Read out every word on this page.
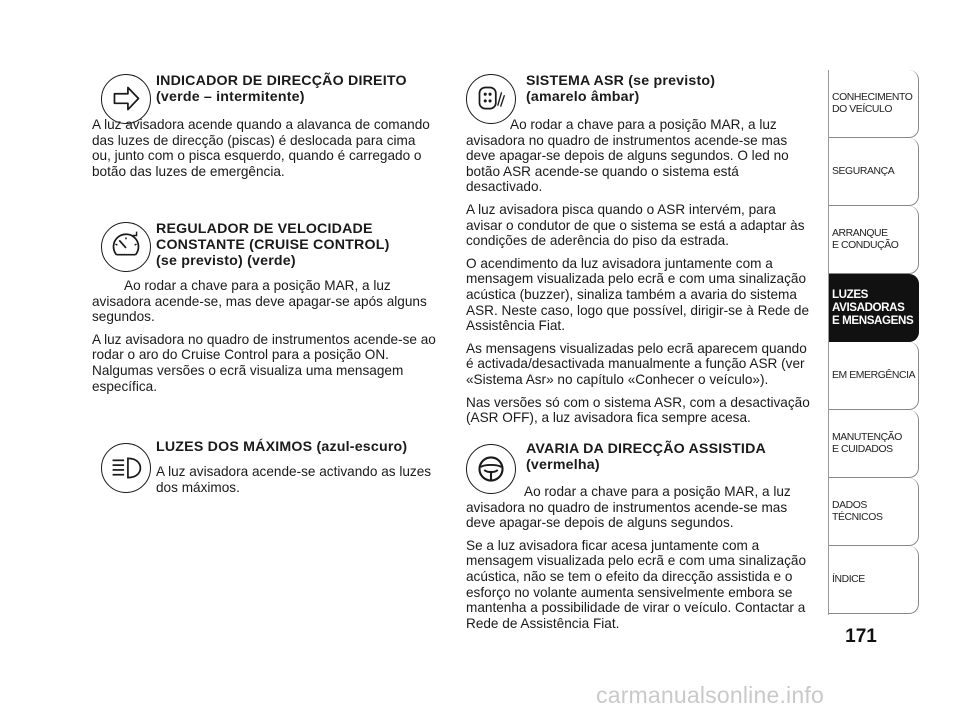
INDICADOR DE DIRECÇÃO DIREITO
(verde – intermitente)

A luz avisadora acende quando a alavanca de comando das luzes de direcção (piscas) é deslocada para cima ou, junto com o pisca esquerdo, quando é carregado o botão das luzes de emergência.

REGULADOR DE VELOCIDADE
CONSTANTE (CRUISE CONTROL)
(se previsto) (verde)

Ao rodar a chave para a posição MAR, a luz avisadora acende-se, mas deve apagar-se após alguns segundos.

A luz avisadora no quadro de instrumentos acende-se ao rodar o aro do Cruise Control para a posição ON. Nalgumas versões o ecrã visualiza uma mensagem específica.

LUZES DOS MÁXIMOS (azul-escuro)

A luz avisadora acende-se activando as luzes dos máximos.

SISTEMA ASR (se previsto)
(amarelo âmbar)

Ao rodar a chave para a posição MAR, a luz avisadora no quadro de instrumentos acende-se mas deve apagar-se depois de alguns segundos. O led no botão ASR acende-se quando o sistema está desactivado.

A luz avisadora pisca quando o ASR intervém, para avisar o condutor de que o sistema se está a adaptar às condições de aderência do piso da estrada.

O acendimento da luz avisadora juntamente com a mensagem visualizada pelo ecrã e com uma sinalização acústica (buzzer), sinaliza também a avaria do sistema ASR. Neste caso, logo que possível, dirigir-se à Rede de Assistência Fiat.

As mensagens visualizadas pelo ecrã aparecem quando é activada/desactivada manualmente a função ASR (ver «Sistema Asr» no capítulo «Conhecer o veículo»).

Nas versões só com o sistema ASR, com a desactivação (ASR OFF), a luz avisadora fica sempre acesa.

AVARIA DA DIRECÇÃO ASSISTIDA
(vermelha)

Ao rodar a chave para a posição MAR, a luz avisadora no quadro de instrumentos acende-se mas deve apagar-se depois de alguns segundos.

Se a luz avisadora ficar acesa juntamente com a mensagem visualizada pelo ecrã e com uma sinalização acústica, não se tem o efeito da direcção assistida e o esforço no volante aumenta sensivelmente embora se mantenha a possibilidade de virar o veículo. Contactar a Rede de Assistência Fiat.

CONHECIMENTO
DO VEÍCULO
SEGURANÇA
ARRANQUE
E CONDUÇÃO
LUZES
AVISADORAS
E MENSAGENS
EM EMERGÊNCIA
MANUTENÇÃO
E CUIDADOS
DADOS
TÉCNICOS
ÍNDICE
171
carmanualsonline.info
